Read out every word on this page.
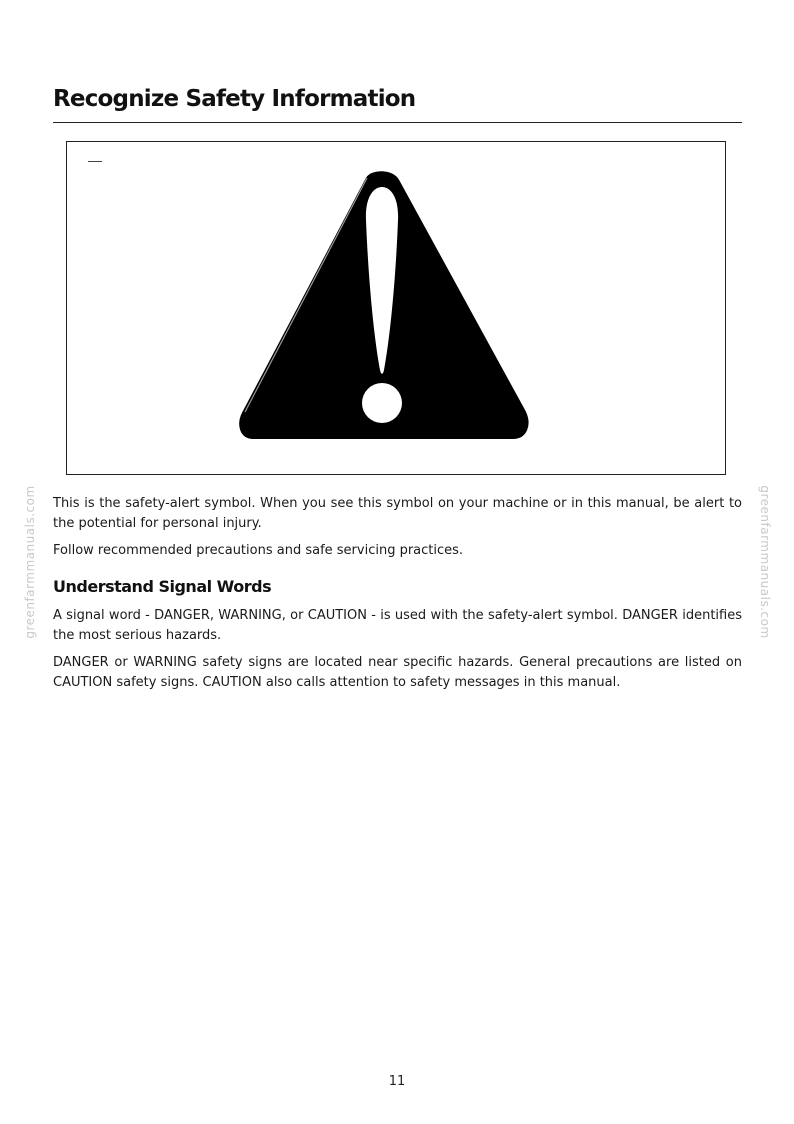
Recognize Safety Information

This is the safety-alert symbol. When you see this symbol on your machine or in this manual, be alert to the potential for personal injury.

Follow recommended precautions and safe servicing practices.

Understand Signal Words

A signal word - DANGER, WARNING, or CAUTION - is used with the safety-alert symbol. DANGER identifies the most serious hazards.

DANGER or WARNING safety signs are located near specific hazards. General precautions are listed on CAUTION safety signs. CAUTION also calls attention to safety messages in this manual.

greenfarmmanuals.com	greenfarmmanuals.com
11
